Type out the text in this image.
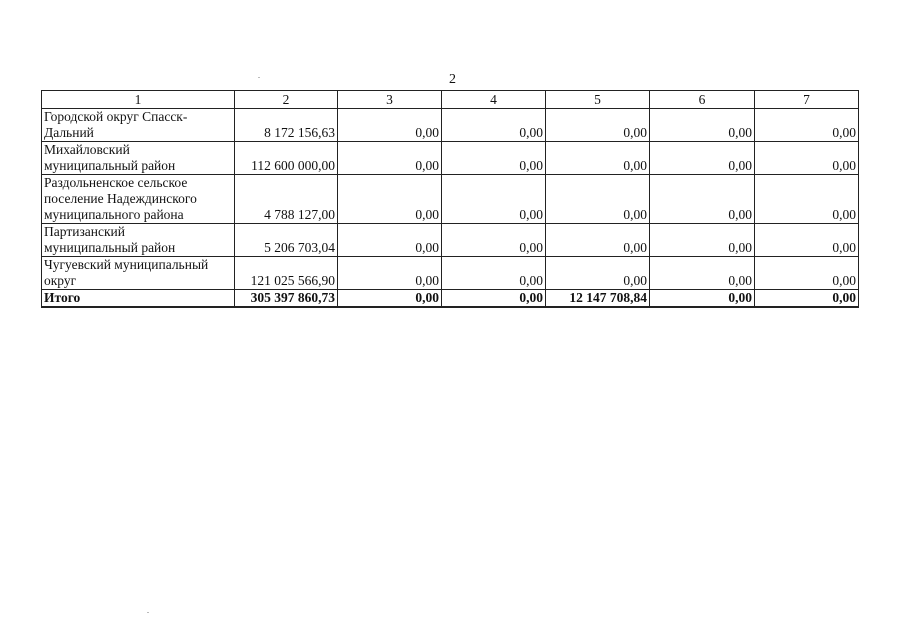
2
1	2	3	4	5	6	7

Городской округ Спасск-
Дальний	8 172 156,63	0,00	0,00	0,00	0,00	0,00

Михайловский
муниципальный район	112 600 000,00	0,00	0,00	0,00	0,00	0,00

Раздольненское сельское
поселение Надеждинского
муниципального района	4 788 127,00	0,00	0,00	0,00	0,00	0,00

Партизанский
муниципальный район	5 206 703,04	0,00	0,00	0,00	0,00	0,00

Чугуевский муниципальный
округ	121 025 566,90	0,00	0,00	0,00	0,00	0,00
Итого	305 397 860,73	0,00	0,00	12 147 708,84	0,00	0,00
